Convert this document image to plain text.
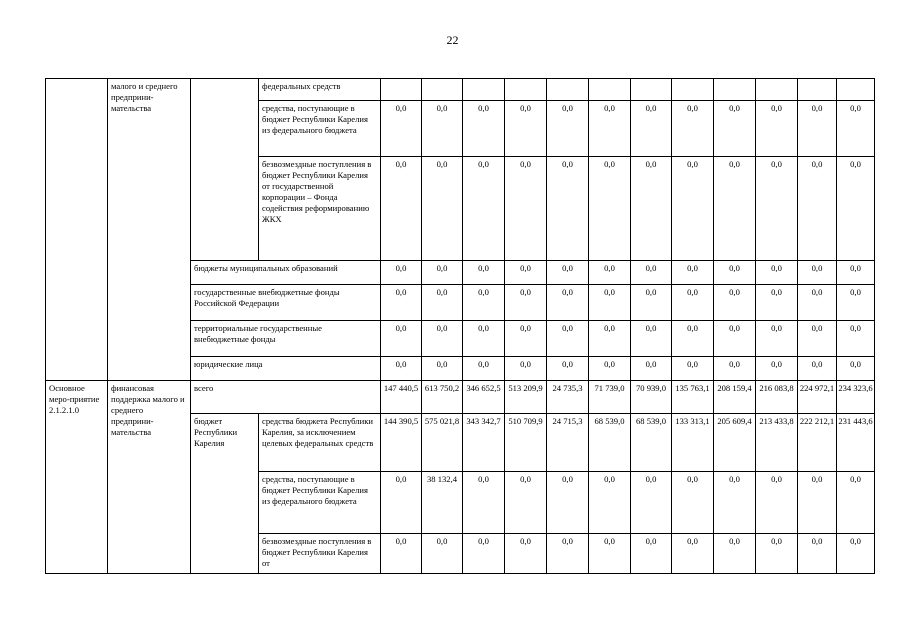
22
	малого и среднего предприни-мательства		федеральных средств												
			средства, поступающие в бюджет Республики Карелия из федерального бюджета	0,0	0,0	0,0	0,0	0,0	0,0	0,0	0,0	0,0	0,0	0,0	0,0
			безвозмездные поступления в бюджет Республики Карелия от государственной корпорации – Фонда содействия реформированию ЖКХ	0,0	0,0	0,0	0,0	0,0	0,0	0,0	0,0	0,0	0,0	0,0	0,0
		бюджеты муниципальных образований		0,0	0,0	0,0	0,0	0,0	0,0	0,0	0,0	0,0	0,0	0,0	0,0
		государственные внебюджетные фонды Российской Федерации		0,0	0,0	0,0	0,0	0,0	0,0	0,0	0,0	0,0	0,0	0,0	0,0
		территориальные государственные внебюджетные фонды		0,0	0,0	0,0	0,0	0,0	0,0	0,0	0,0	0,0	0,0	0,0	0,0
		юридические лица		0,0	0,0	0,0	0,0	0,0	0,0	0,0	0,0	0,0	0,0	0,0	0,0
Основное меро-приятие 2.1.2.1.0	финансовая поддержка малого и среднего предприни-мательства	всего		147 440,5	613 750,2	346 652,5	513 209,9	24 735,3	71 739,0	70 939,0	135 763,1	208 159,4	216 083,8	224 972,1	234 323,6
		бюджет Республики Карелия	средства бюджета Республики Карелия, за исключением целевых федеральных средств	144 390,5	575 021,8	343 342,7	510 709,9	24 715,3	68 539,0	68 539,0	133 313,1	205 609,4	213 433,8	222 212,1	231 443,6
			средства, поступающие в бюджет Республики Карелия из федерального бюджета	0,0	38 132,4	0,0	0,0	0,0	0,0	0,0	0,0	0,0	0,0	0,0	0,0
			безвозмездные поступления в бюджет Республики Карелия от	0,0	0,0	0,0	0,0	0,0	0,0	0,0	0,0	0,0	0,0	0,0	0,0
